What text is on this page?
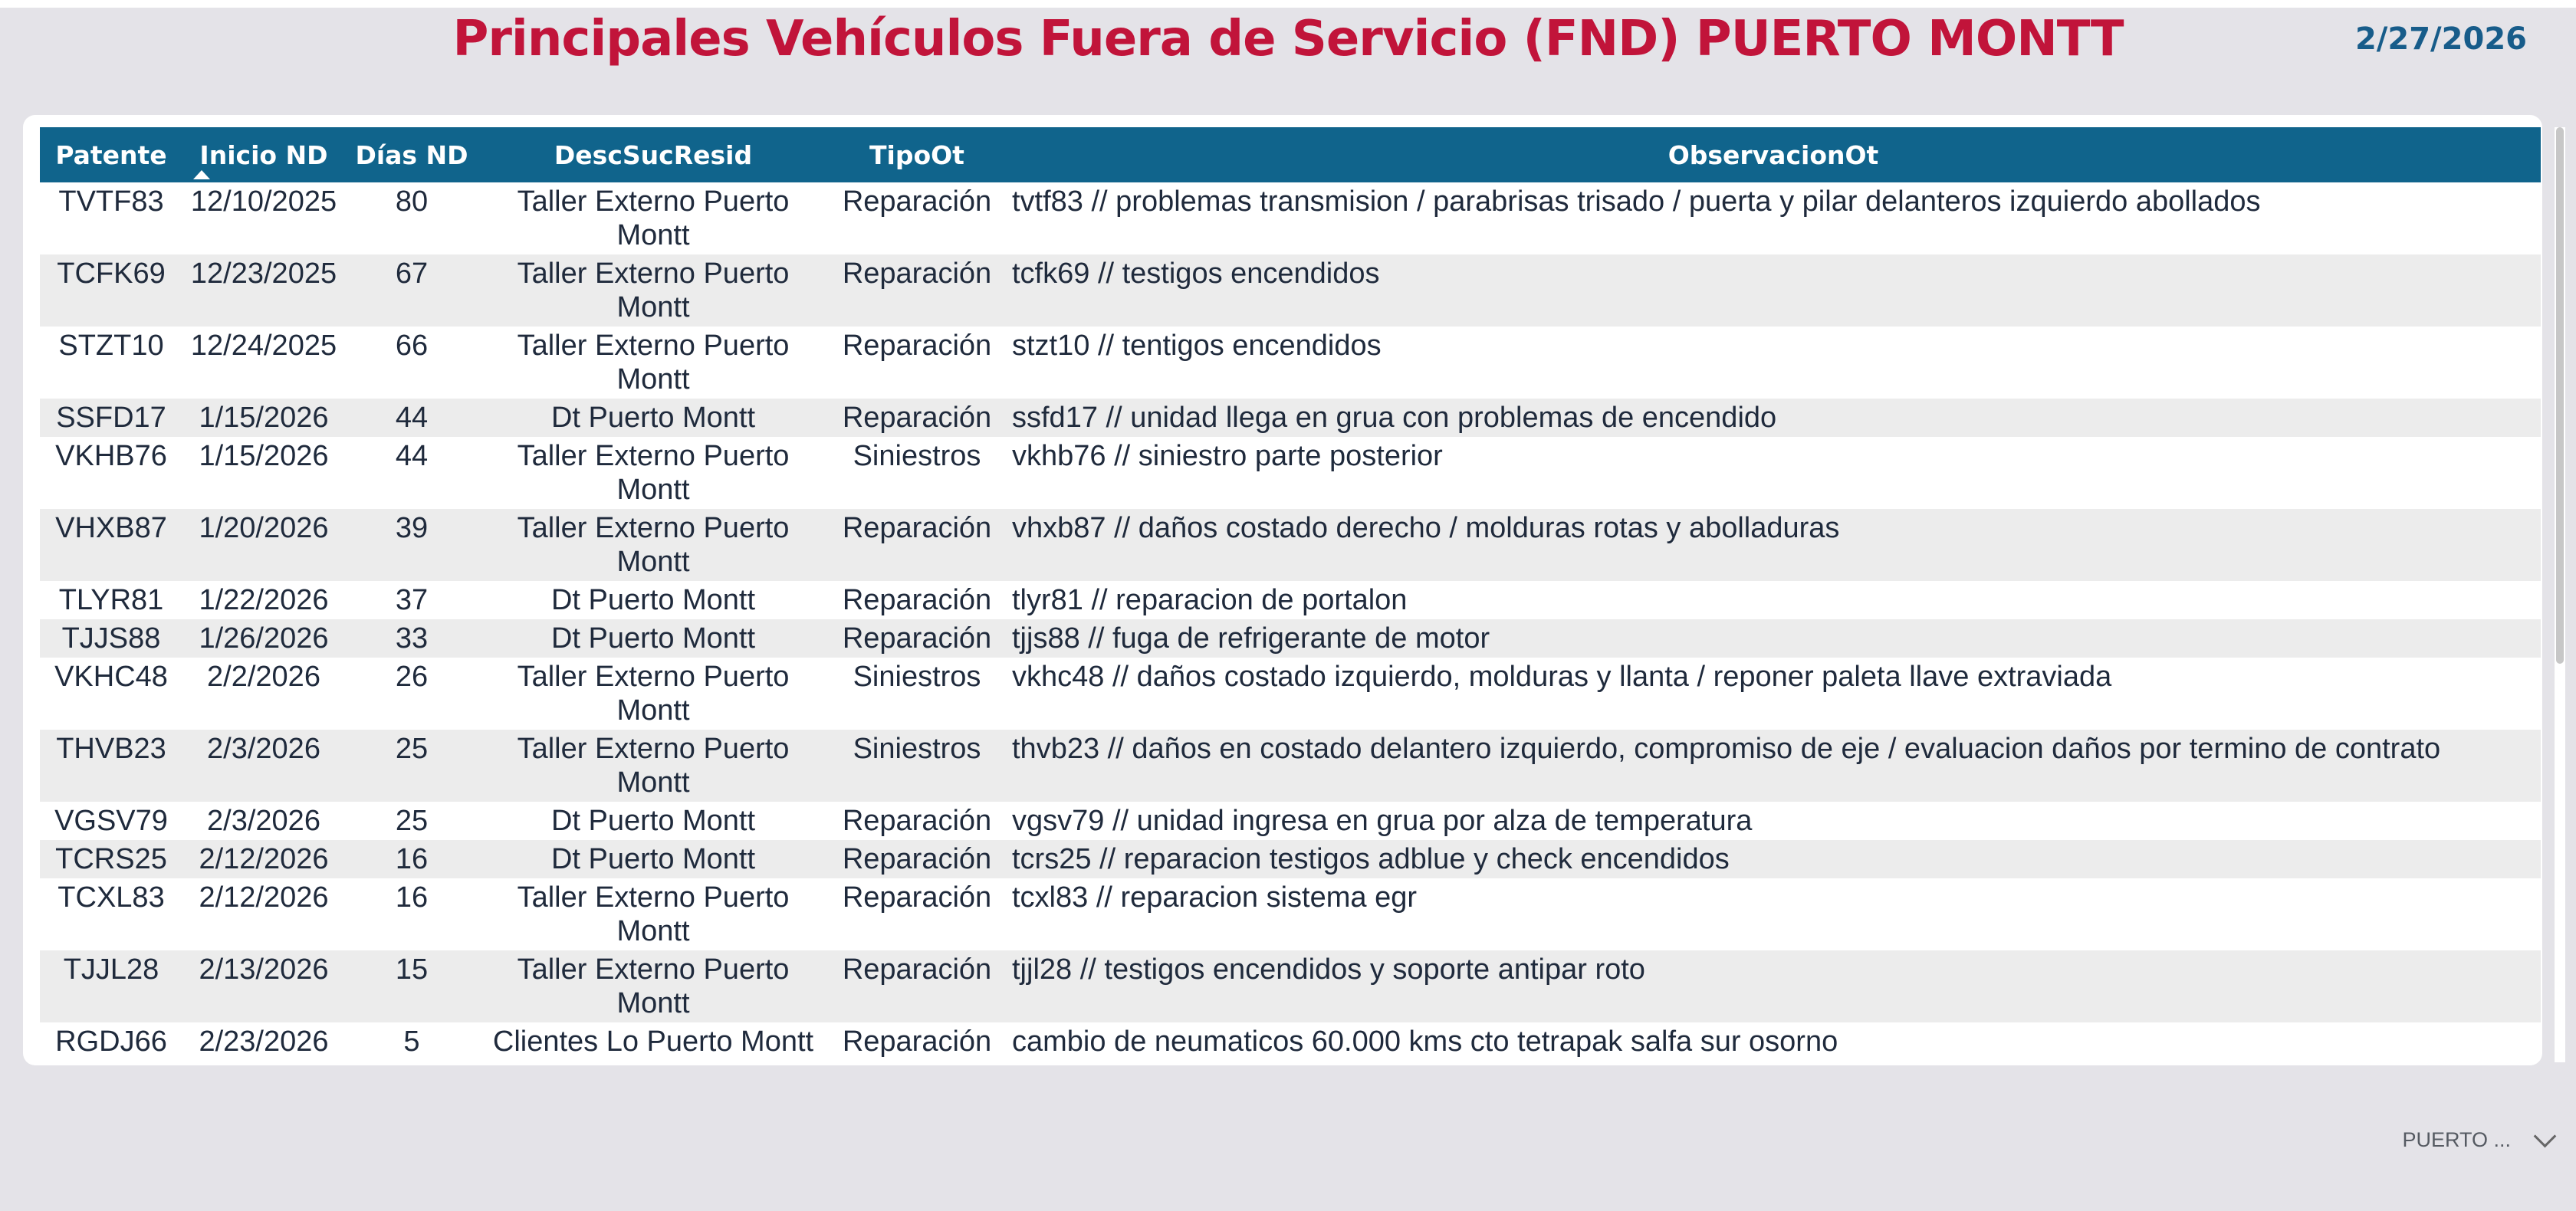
Principales Vehículos Fuera de Servicio (FND) PUERTO MONTT	2/27/2026
Patente	Inicio ND	Días ND	DescSucResid	TipoOt	ObservacionOt
TVTF83	12/10/2025	80	Taller Externo Puerto Montt	Reparación	tvtf83 // problemas transmision / parabrisas trisado / puerta y pilar delanteros izquierdo abollados
TCFK69	12/23/2025	67	Taller Externo Puerto Montt	Reparación	tcfk69 // testigos encendidos
STZT10	12/24/2025	66	Taller Externo Puerto Montt	Reparación	stzt10 // tentigos encendidos
SSFD17	1/15/2026	44	Dt Puerto Montt	Reparación	ssfd17 // unidad llega en grua con problemas de encendido
VKHB76	1/15/2026	44	Taller Externo Puerto Montt	Siniestros	vkhb76 // siniestro parte posterior
VHXB87	1/20/2026	39	Taller Externo Puerto Montt	Reparación	vhxb87 // daños costado derecho / molduras rotas y abolladuras
TLYR81	1/22/2026	37	Dt Puerto Montt	Reparación	tlyr81 // reparacion de portalon
TJJS88	1/26/2026	33	Dt Puerto Montt	Reparación	tjjs88 // fuga de refrigerante de motor
VKHC48	2/2/2026	26	Taller Externo Puerto Montt	Siniestros	vkhc48 // daños costado izquierdo, molduras y llanta / reponer paleta llave extraviada
THVB23	2/3/2026	25	Taller Externo Puerto Montt	Siniestros	thvb23 // daños en costado delantero izquierdo, compromiso de eje / evaluacion daños por termino de contrato
VGSV79	2/3/2026	25	Dt Puerto Montt	Reparación	vgsv79 // unidad ingresa en grua por alza de temperatura
TCRS25	2/12/2026	16	Dt Puerto Montt	Reparación	tcrs25 // reparacion testigos adblue y check encendidos
TCXL83	2/12/2026	16	Taller Externo Puerto Montt	Reparación	tcxl83 // reparacion sistema egr
TJJL28	2/13/2026	15	Taller Externo Puerto Montt	Reparación	tjjl28 // testigos encendidos y soporte antipar roto
RGDJ66	2/23/2026	5	Clientes Lo Puerto Montt	Reparación	cambio de neumaticos 60.000 kms cto tetrapak salfa sur osorno
PUERTO ...
